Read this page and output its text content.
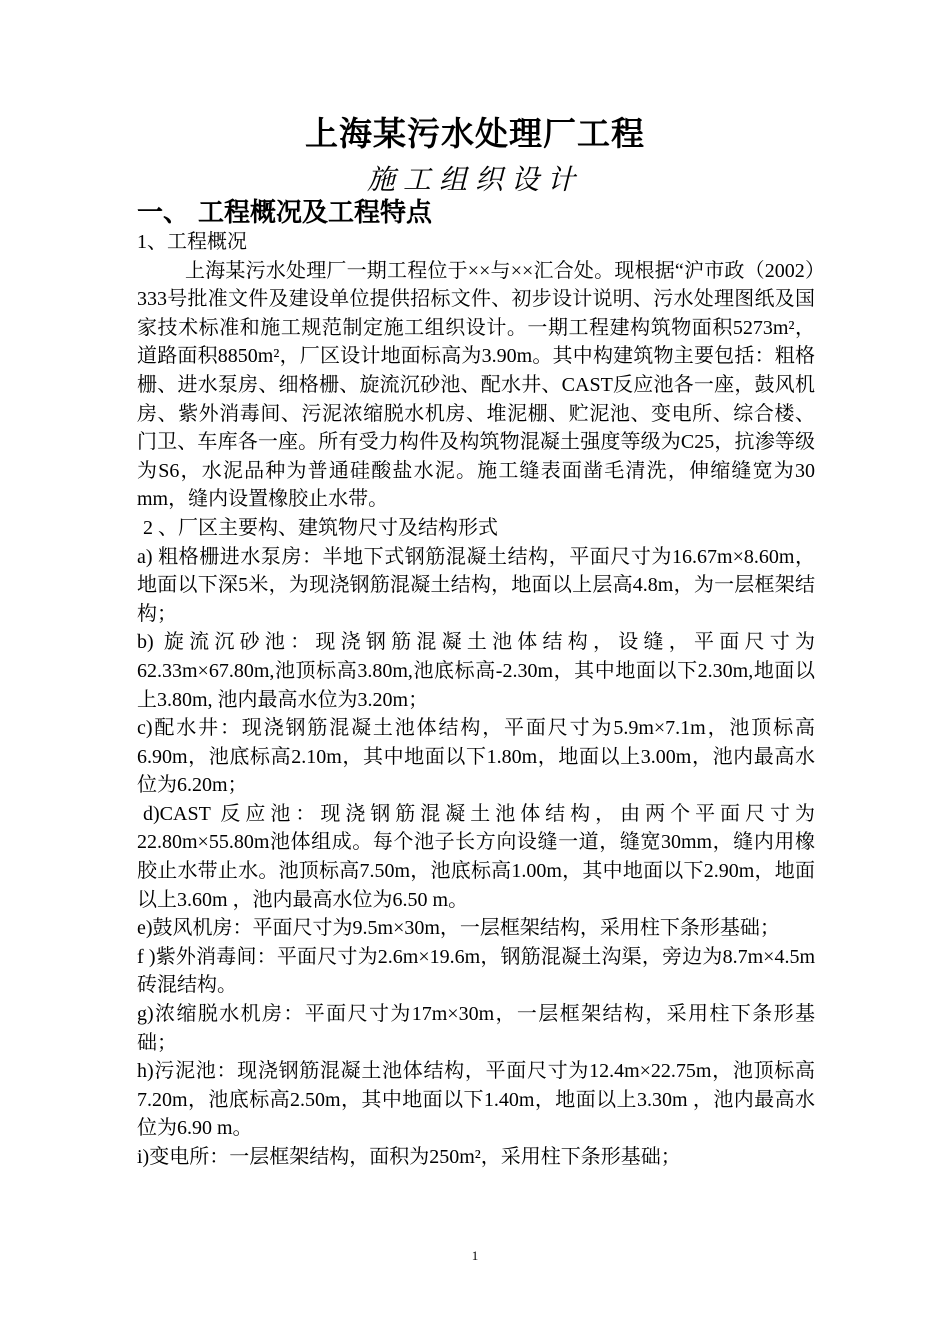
上海某污水处理厂工程
施工组织设计
一、 工程概况及工程特点

1、工程概况

上海某污水处理厂一期工程位于××与××汇合处。现根据“沪市政（2002）333号批准文件及建设单位提供招标文件、初步设计说明、污水处理图纸及国家技术标准和施工规范制定施工组织设计。一期工程建构筑物面积5273m²，道路面积8850m²，厂区设计地面标高为3.90m。其中构建筑物主要包括：粗格栅、进水泵房、细格栅、旋流沉砂池、配水井、CAST反应池各一座，鼓风机房、紫外消毒间、污泥浓缩脱水机房、堆泥棚、贮泥池、变电所、综合楼、门卫、车库各一座。所有受力构件及构筑物混凝土强度等级为C25，抗渗等级为S6，水泥品种为普通硅酸盐水泥。施工缝表面凿毛清洗，伸缩缝宽为30 mm，缝内设置橡胶止水带。

2 、厂区主要构、建筑物尺寸及结构形式

a) 粗格栅进水泵房：半地下式钢筋混凝土结构，平面尺寸为16.67m×8.60m，地面以下深5米，为现浇钢筋混凝土结构，地面以上层高4.8m，为一层框架结构；

b) 旋流沉砂池：现浇钢筋混凝土池体结构，设缝，平面尺寸为62.33m×67.80m,池顶标高3.80m,池底标高-2.30m，其中地面以下2.30m,地面以上3.80m, 池内最高水位为3.20m；

c)配水井：现浇钢筋混凝土池体结构，平面尺寸为5.9m×7.1m，池顶标高6.90m，池底标高2.10m，其中地面以下1.80m，地面以上3.00m，池内最高水位为6.20m；

d)CAST 反应池：现浇钢筋混凝土池体结构，由两个平面尺寸为22.80m×55.80m池体组成。每个池子长方向设缝一道，缝宽30mm，缝内用橡胶止水带止水。池顶标高7.50m，池底标高1.00m，其中地面以下2.90m，地面以上3.60m ，池内最高水位为6.50 m。

e)鼓风机房：平面尺寸为9.5m×30m，一层框架结构，采用柱下条形基础；

f )紫外消毒间：平面尺寸为2.6m×19.6m，钢筋混凝土沟渠，旁边为8.7m×4.5m砖混结构。

g)浓缩脱水机房：平面尺寸为17m×30m，一层框架结构，采用柱下条形基础；

h)污泥池：现浇钢筋混凝土池体结构，平面尺寸为12.4m×22.75m，池顶标高7.20m，池底标高2.50m，其中地面以下1.40m，地面以上3.30m ，池内最高水位为6.90 m。

i)变电所：一层框架结构，面积为250m²，采用柱下条形基础；

1
